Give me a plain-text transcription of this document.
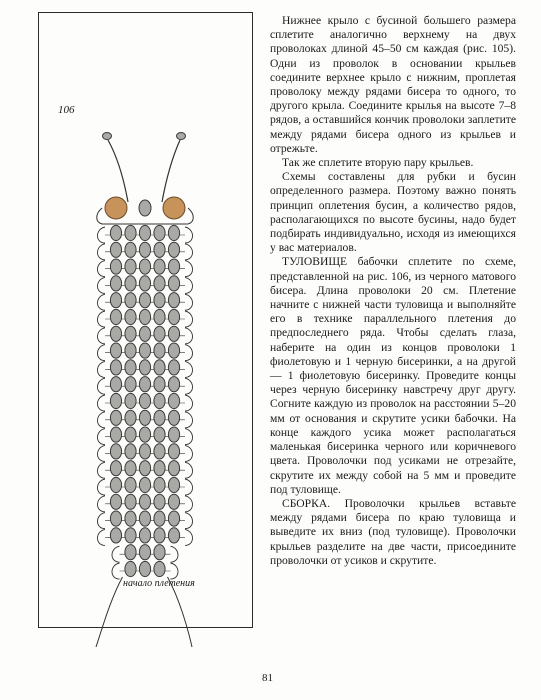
106
начало плетения

Нижнее крыло с бусиной большего размера сплетите аналогично верхнему на двух проволоках длиной 45–50 см каждая (рис. 105). Одни из проволок в основании крыльев соедините верхнее крыло с нижним, проплетая проволоку между рядами бисера то одного, то другого крыла. Соедините крылья на высоте 7–8 рядов, а оставшийся кончик проволоки заплетите между рядами бисера одного из крыльев и отрежьте.

Так же сплетите вторую пару крыльев.

Схемы составлены для рубки и бусин определенного размера. Поэтому важно понять принцип оплетения бусин, а количество рядов, располагающихся по высоте бусины, надо будет подбирать индивидуально, исходя из имеющихся у вас материалов.

ТУЛОВИЩЕ бабочки сплетите по схеме, представленной на рис. 106, из черного матового бисера. Длина проволоки 20 см. Плетение начните с нижней части туловища и выполняйте его в технике параллельного плетения до предпоследнего ряда. Чтобы сделать глаза, наберите на один из концов проволоки 1 фиолетовую и 1 черную бисеринки, а на другой — 1 фиолетовую бисеринку. Проведите концы через черную бисеринку навстречу друг другу. Согните каждую из проволок на расстоянии 5–20 мм от основания и скрутите усики бабочки. На конце каждого усика может располагаться маленькая бисеринка черного или коричневого цвета. Проволочки под усиками не отрезайте, скрутите их между собой на 5 мм и проведите под туловище.

СБОРКА. Проволочки крыльев вставьте между рядами бисера по краю туловища и выведите их вниз (под туловище). Проволочки крыльев разделите на две части, присоедините проволочки от усиков и скрутите.

81
